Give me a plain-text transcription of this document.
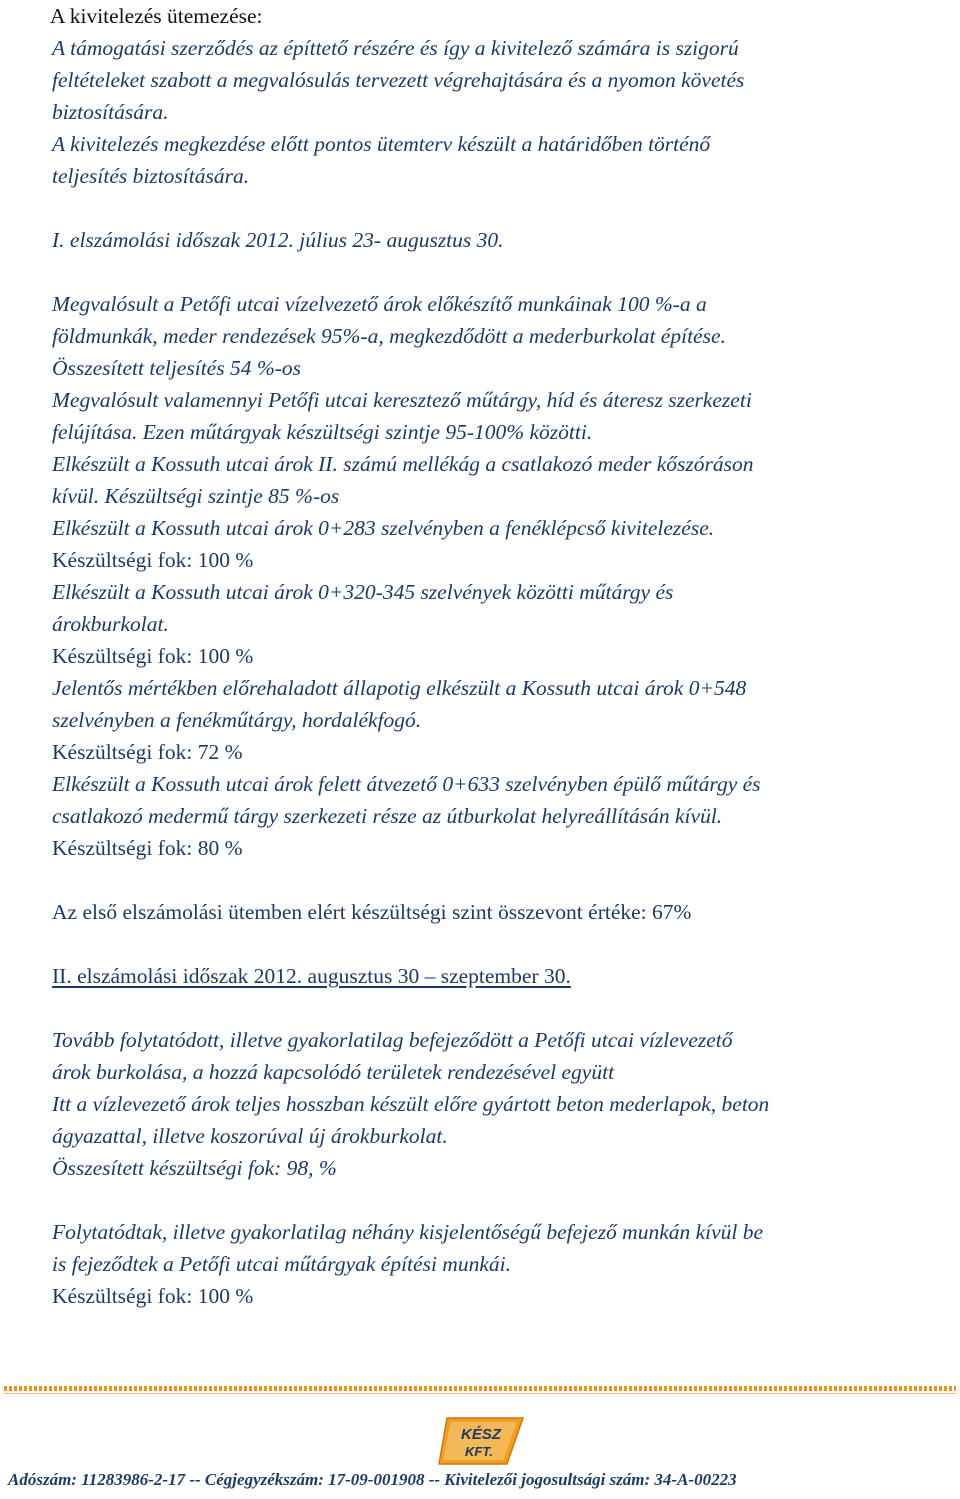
A kivitelezés ütemezése:
A támogatási szerződés az építtető részére és így a kivitelező számára is szigorú
feltételeket szabott a megvalósulás tervezett végrehajtására és a nyomon követés
biztosítására.
A kivitelezés megkezdése előtt pontos ütemterv készült a határidőben történő
teljesítés biztosítására.
I. elszámolási időszak 2012. július 23- augusztus 30.
Megvalósult a Petőfi utcai vízelvezető árok előkészítő munkáinak 100 %-a a
földmunkák, meder rendezések 95%-a, megkezdődött a mederburkolat építése.
Összesített teljesítés 54 %-os
Megvalósult valamennyi Petőfi utcai keresztező műtárgy, híd és áteresz szerkezeti
felújítása. Ezen műtárgyak készültségi szintje 95-100% közötti.
Elkészült a Kossuth utcai árok II. számú mellékág a csatlakozó meder kőszóráson
kívül. Készültségi szintje 85 %-os
Elkészült a Kossuth utcai árok 0+283 szelvényben a fenéklépcső kivitelezése.
Készültségi fok: 100 %
Elkészült a Kossuth utcai árok 0+320-345 szelvények közötti műtárgy és
árokburkolat.
Készültségi fok: 100 %
Jelentős mértékben előrehaladott állapotig elkészült a Kossuth utcai árok 0+548
szelvényben a fenékműtárgy, hordalékfogó.
Készültségi fok: 72 %
Elkészült a Kossuth utcai árok felett átvezető 0+633 szelvényben épülő műtárgy és
csatlakozó medermű tárgy szerkezeti része az útburkolat helyreállításán kívül.
Készültségi fok: 80 %
Az első elszámolási ütemben elért készültségi szint összevont értéke: 67%
II. elszámolási időszak 2012. augusztus 30 – szeptember 30.
Tovább folytatódott, illetve gyakorlatilag befejeződött a Petőfi utcai vízlevezető
árok burkolása, a hozzá kapcsolódó területek rendezésével együtt
Itt a vízlevezető árok teljes hosszban készült előre gyártott beton mederlapok, beton
ágyazattal, illetve koszorúval új árokburkolat.
Összesített készültségi fok: 98, %
Folytatódtak, illetve gyakorlatilag néhány kisjelentőségű befejező munkán kívül be
is fejeződtek a Petőfi utcai műtárgyak építési munkái.
Készültségi fok: 100 %
KÉSZ
KFT.
Adószám: 11283986-2-17 -- Cégjegyzékszám: 17-09-001908 -- Kivitelezői jogosultsági szám: 34-A-00223
